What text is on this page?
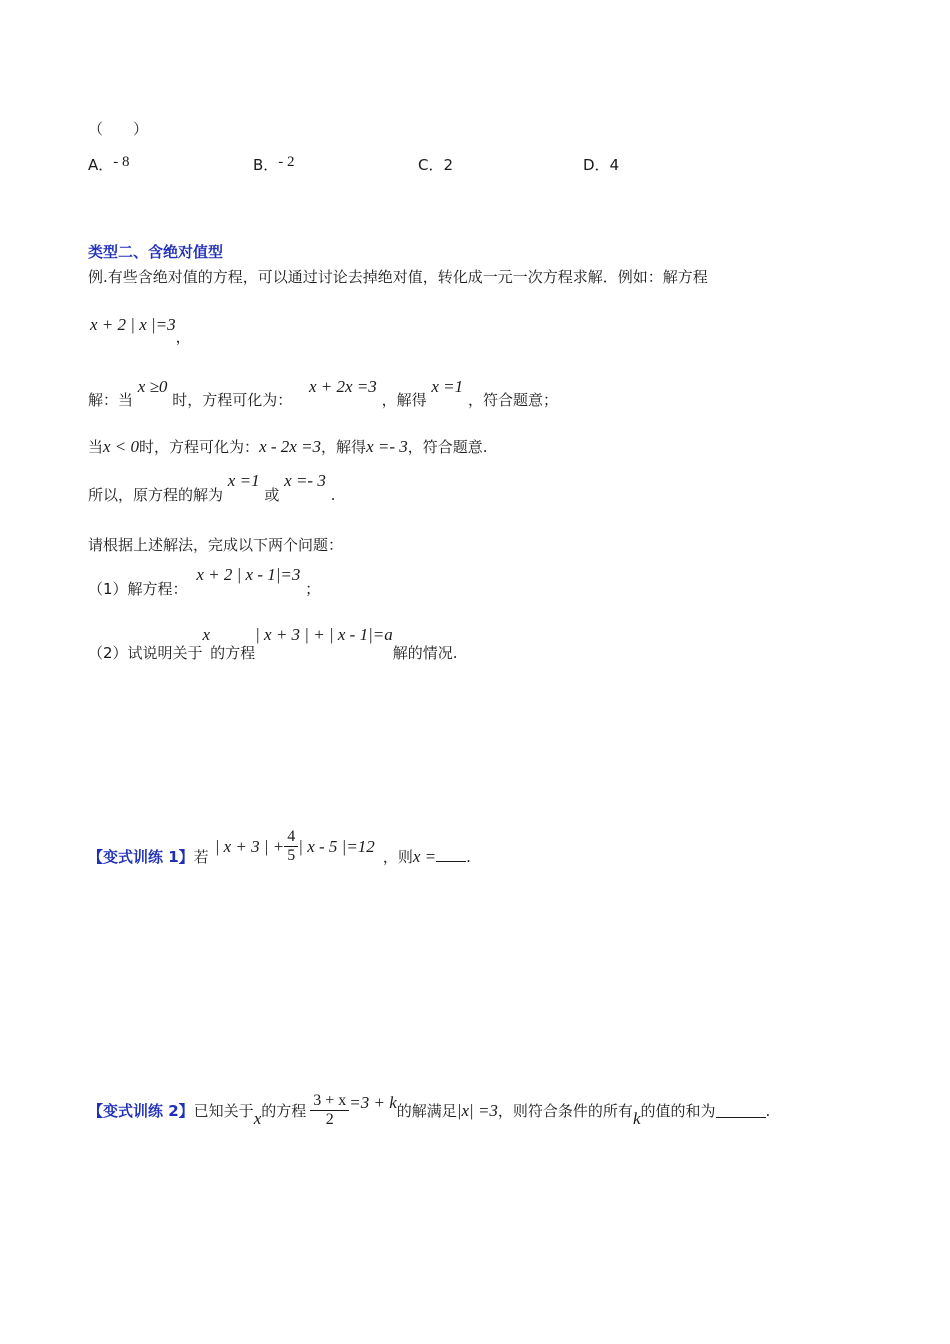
（　　）
A．- 8	B．- 2	C．2	D．4
类型二、含绝对值型
例.有些含绝对值的方程，可以通过讨论去掉绝对值，转化成一元一次方程求解．例如：解方程
x + 2 | x |=3，
解：当 x ≥0 时，方程可化为： x + 2x =3 ，解得 x =1 ，符合题意；
当x < 0时，方程可化为：x - 2x =3，解得x =- 3，符合题意.
所以，原方程的解为 x =1 或 x =- 3 .
请根据上述解法，完成以下两个问题：
（1）解方程： x + 2 | x - 1|=3 ；
（2）试说明关于x的方程| x + 3 | + | x - 1|=a解的情况.
【变式训练 1】 若
| x + 3 | + $\frac{4}{5}$ | x - 5 |=12
，则 x = .
【变式训练 2】 已知关于 x 的方程 $\frac{3 + x}{2} =3 + k$ 的解满足 |x| =3 ，则符合条件的所有 k 的值的和为	.
